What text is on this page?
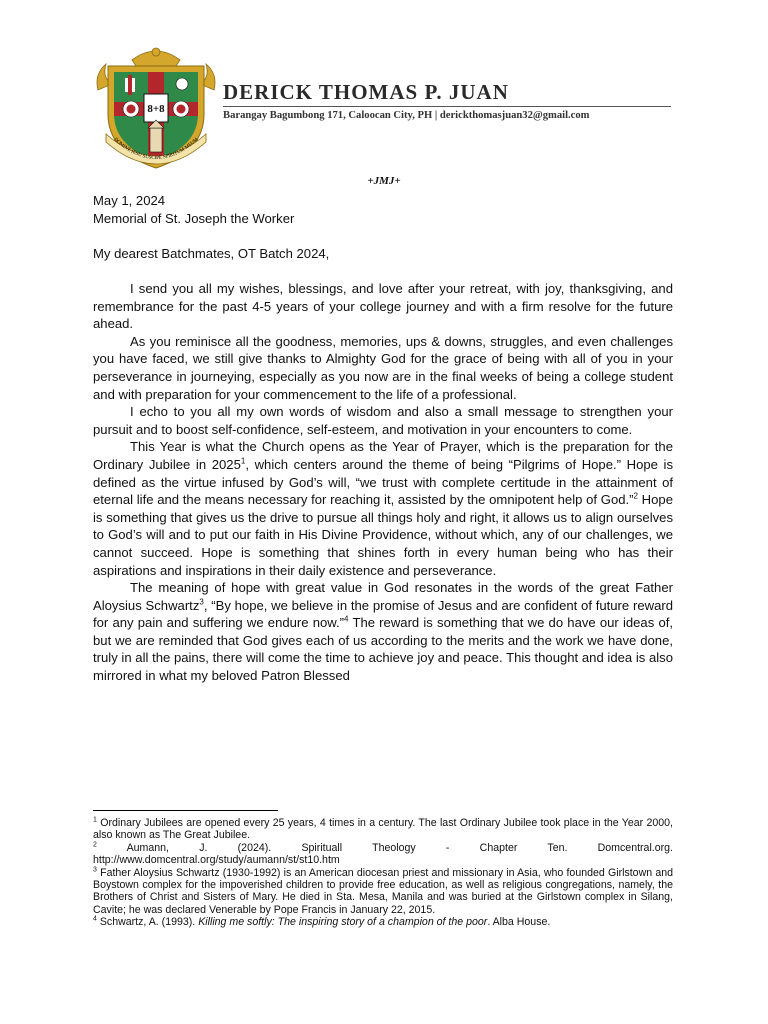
8+8
DOMINE IESU SUSCIPE SPIRITUM MEUM
DERICK THOMAS P. JUAN
Barangay Bagumbong 171, Caloocan City, PH | derickthomasjuan32@gmail.com
+JMJ+
May 1, 2024
Memorial of St. Joseph the Worker
My dearest Batchmates, OT Batch 2024,

I send you all my wishes, blessings, and love after your retreat, with joy, thanksgiving, and remembrance for the past 4-5 years of your college journey and with a firm resolve for the future ahead.

As you reminisce all the goodness, memories, ups & downs, struggles, and even challenges you have faced, we still give thanks to Almighty God for the grace of being with all of you in your perseverance in journeying, especially as you now are in the final weeks of being a college student and with preparation for your commencement to the life of a professional.

I echo to you all my own words of wisdom and also a small message to strengthen your pursuit and to boost self-confidence, self-esteem, and motivation in your encounters to come.

This Year is what the Church opens as the Year of Prayer, which is the preparation for the Ordinary Jubilee in 2025$^1$, which centers around the theme of being “Pilgrims of Hope.” Hope is defined as the virtue infused by God’s will, “we trust with complete certitude in the attainment of eternal life and the means necessary for reaching it, assisted by the omnipotent help of God.”$^2$ Hope is something that gives us the drive to pursue all things holy and right, it allows us to align ourselves to God’s will and to put our faith in His Divine Providence, without which, any of our challenges, we cannot succeed. Hope is something that shines forth in every human being who has their aspirations and inspirations in their daily existence and perseverance.

The meaning of hope with great value in God resonates in the words of the great Father Aloysius Schwartz$^3$, “By hope, we believe in the promise of Jesus and are confident of future reward for any pain and suffering we endure now.”$^4$ The reward is something that we do have our ideas of, but we are reminded that God gives each of us according to the merits and the work we have done, truly in all the pains, there will come the time to achieve joy and peace. This thought and idea is also mirrored in what my beloved Patron Blessed

$^1$ Ordinary Jubilees are opened every 25 years, 4 times in a century. The last Ordinary Jubilee took place in the Year 2000, also known as The Great Jubilee.

$^2$	Aumann, J. (2024). Spirituall Theology - Chapter Ten. Domcentral.org.

http://www.domcentral.org/study/aumann/st/st10.htm

$^3$ Father Aloysius Schwartz (1930-1992) is an American diocesan priest and missionary in Asia, who founded Girlstown and Boystown complex for the impoverished children to provide free education, as well as religious congregations, namely, the Brothers of Christ and Sisters of Mary. He died in Sta. Mesa, Manila and was buried at the Girlstown complex in Silang, Cavite; he was declared Venerable by Pope Francis in January 22, 2015.

$^4$ Schwartz, A. (1993). Killing me softly: The inspiring story of a champion of the poor. Alba House.
